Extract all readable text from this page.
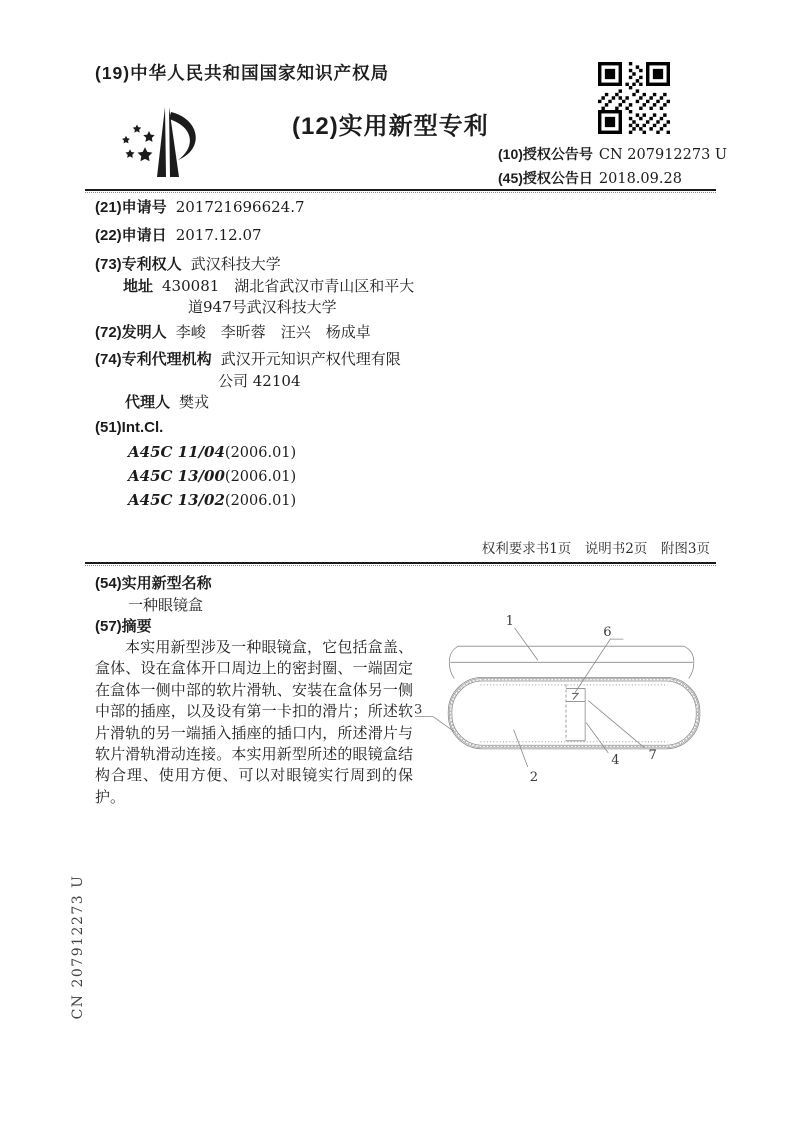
(19)中华人民共和国国家知识产权局
(12)实用新型专利
(10)授权公告号 CN 207912273 U
(45)授权公告日 2018.09.28
(21)申请号 201721696624.7
(22)申请日 2017.12.07
(73)专利权人 武汉科技大学
地址 430081　湖北省武汉市青山区和平大
道947号武汉科技大学
(72)发明人 李峻　李昕蓉　汪兴　杨成卓
(74)专利代理机构 武汉开元知识产权代理有限
公司 42104
代理人 樊戎
(51)Int.Cl.
A45C 11/04(2006.01)
A45C 13/00(2006.01)
A45C 13/02(2006.01)
权利要求书1页　说明书2页　附图3页
(54)实用新型名称
一种眼镜盒
(57)摘要
本实用新型涉及一种眼镜盒，它包括盒盖、盒体、设在盒体开口周边上的密封圈、一端固定在盒体一侧中部的软片滑轨、安装在盒体另一侧中部的插座，以及设有第一卡扣的滑片；所述软片滑轨的另一端插入插座的插口内，所述滑片与软片滑轨滑动连接。本实用新型所述的眼镜盒结构合理、使用方便、可以对眼镜实行周到的保护。
1
6
3
2
4 7
CN 207912273 U
